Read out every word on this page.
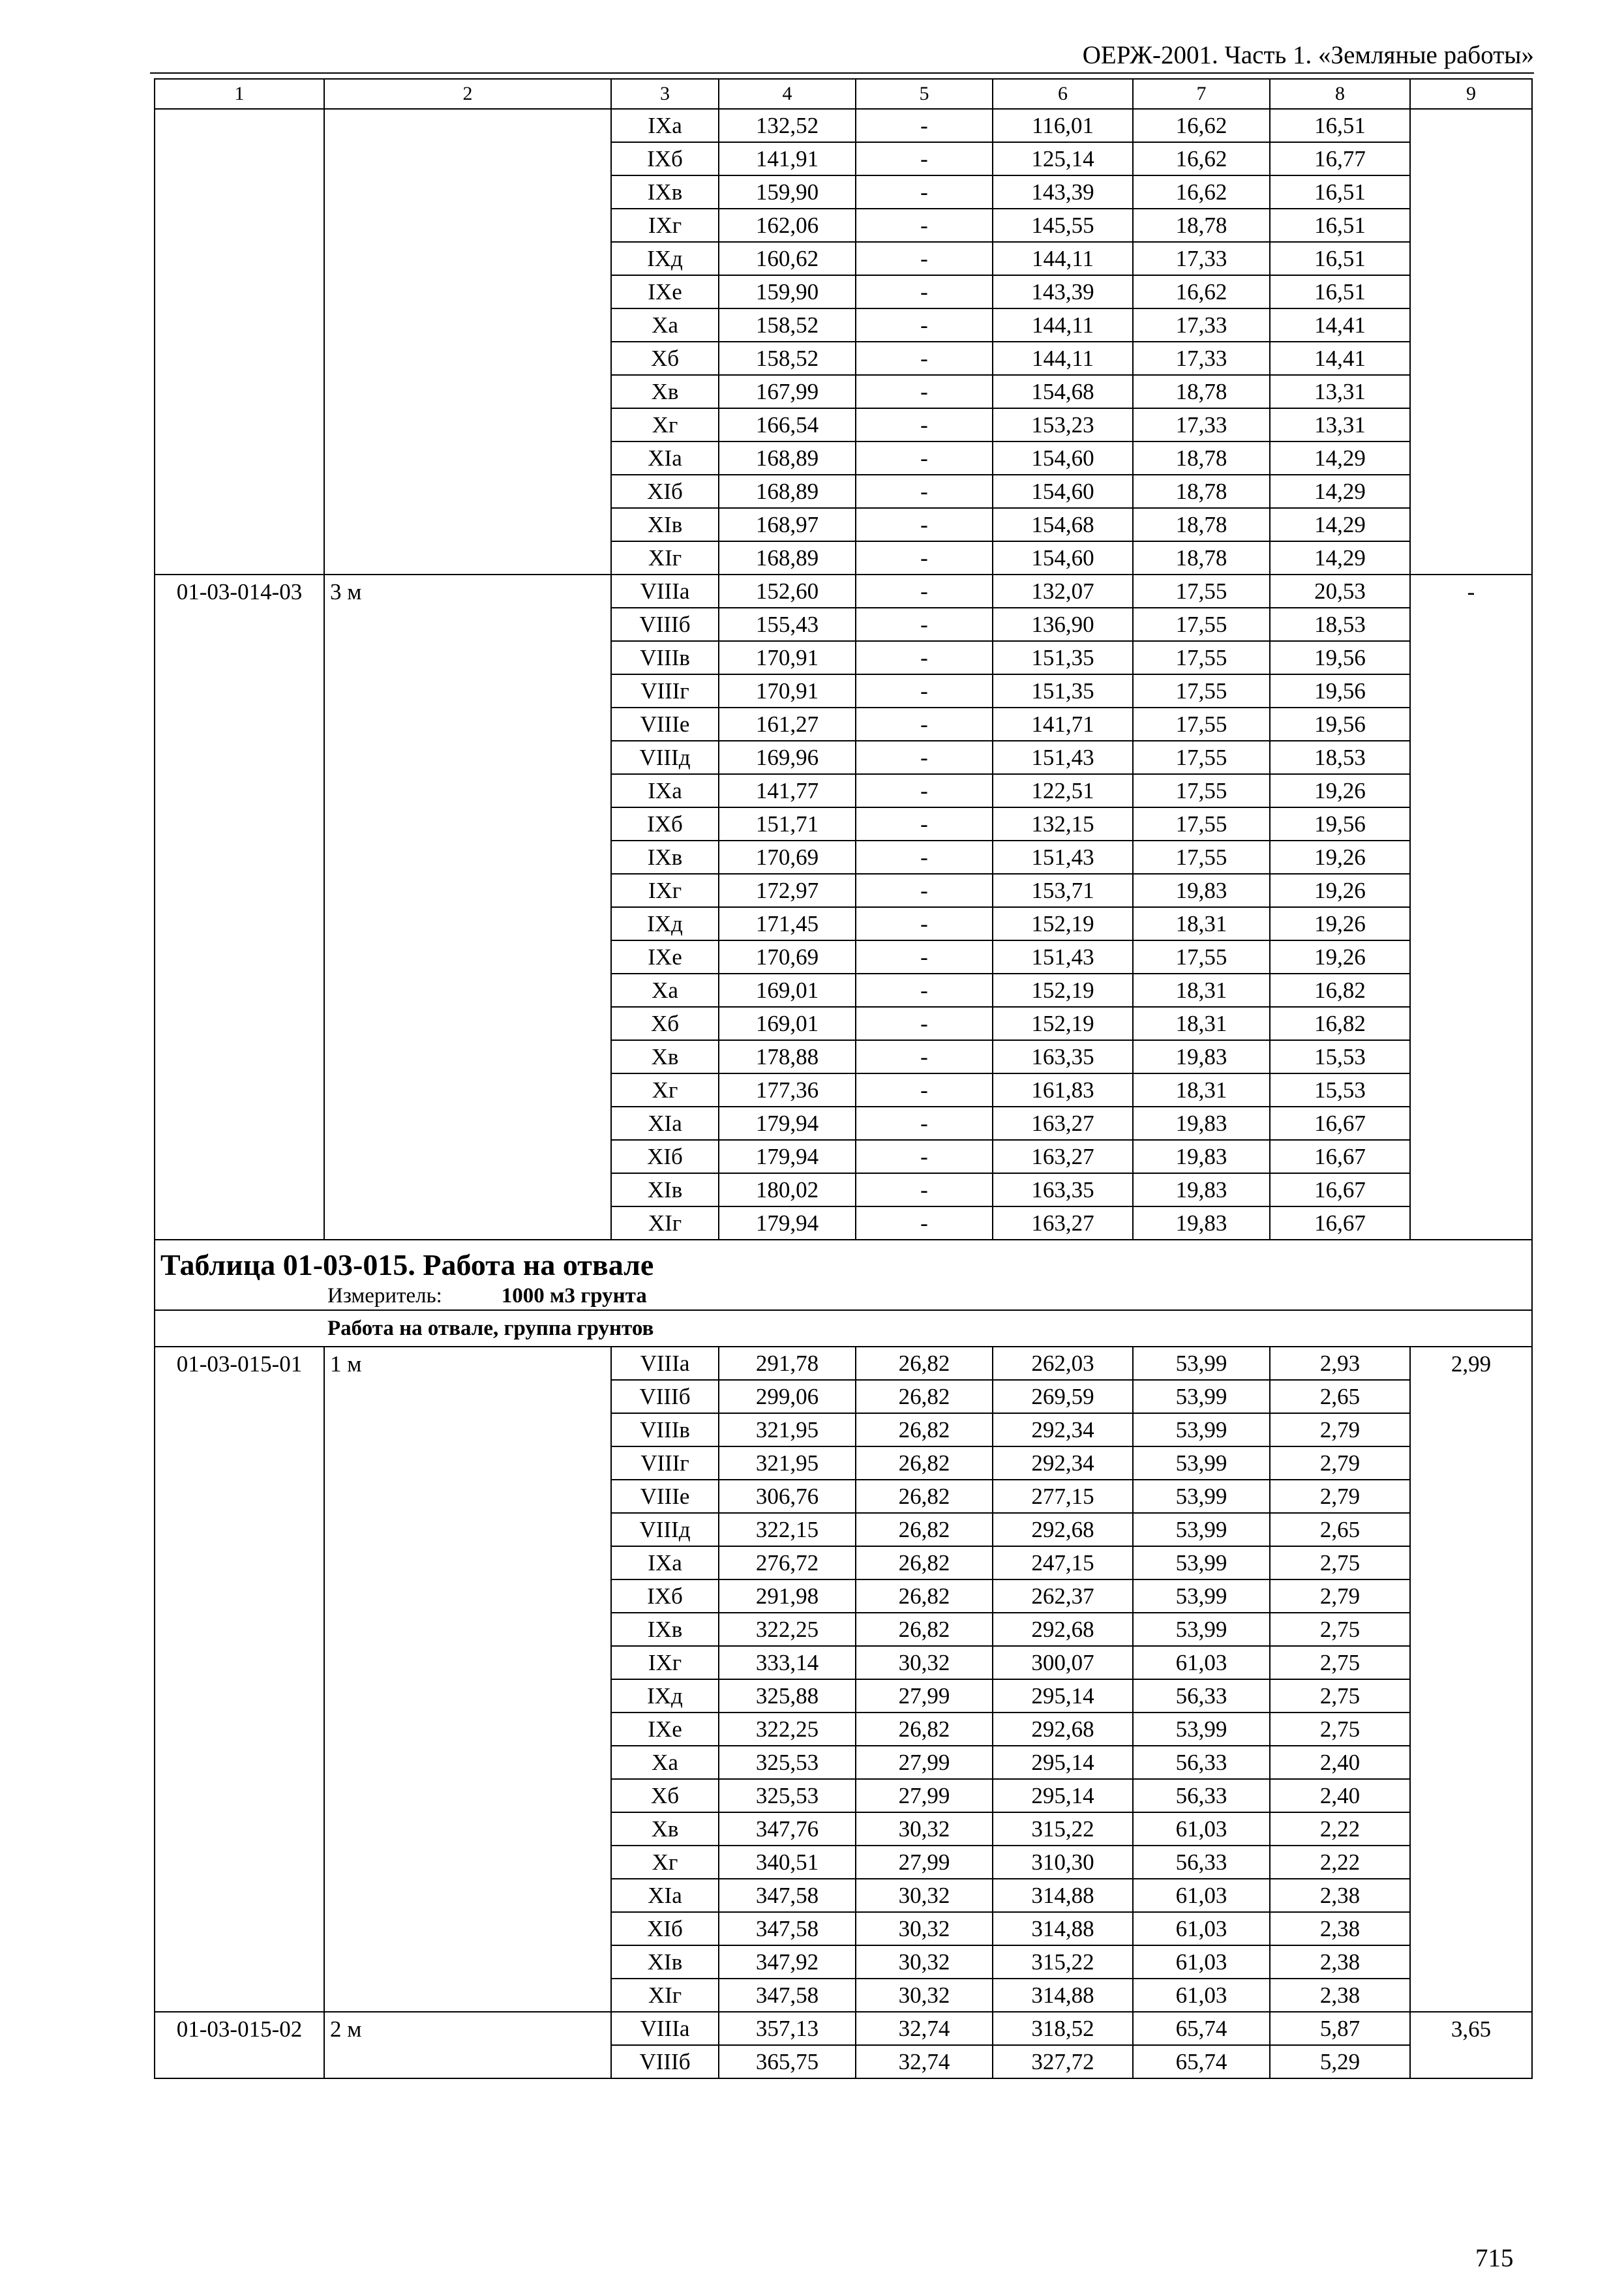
ОЕРЖ-2001. Часть 1. «Земляные работы»
1	2	3	4	5	6	7	8	9
		IXа	132,52	-	116,01	16,62	16,51	
		IXб	141,91	-	125,14	16,62	16,77	
		IXв	159,90	-	143,39	16,62	16,51	
		IXг	162,06	-	145,55	18,78	16,51	
		IXд	160,62	-	144,11	17,33	16,51	
		IXе	159,90	-	143,39	16,62	16,51	
		Xа	158,52	-	144,11	17,33	14,41	
		Xб	158,52	-	144,11	17,33	14,41	
		Xв	167,99	-	154,68	18,78	13,31	
		Xг	166,54	-	153,23	17,33	13,31	
		XIа	168,89	-	154,60	18,78	14,29	
		XIб	168,89	-	154,60	18,78	14,29	
		XIв	168,97	-	154,68	18,78	14,29	
		XIг	168,89	-	154,60	18,78	14,29	
01-03-014-03	3 м	VIIIа	152,60	-	132,07	17,55	20,53	-
		VIIIб	155,43	-	136,90	17,55	18,53	
		VIIIв	170,91	-	151,35	17,55	19,56	
		VIIIг	170,91	-	151,35	17,55	19,56	
		VIIIе	161,27	-	141,71	17,55	19,56	
		VIIIд	169,96	-	151,43	17,55	18,53	
		IXа	141,77	-	122,51	17,55	19,26	
		IXб	151,71	-	132,15	17,55	19,56	
		IXв	170,69	-	151,43	17,55	19,26	
		IXг	172,97	-	153,71	19,83	19,26	
		IXд	171,45	-	152,19	18,31	19,26	
		IXе	170,69	-	151,43	17,55	19,26	
		Xа	169,01	-	152,19	18,31	16,82	
		Xб	169,01	-	152,19	18,31	16,82	
		Xв	178,88	-	163,35	19,83	15,53	
		Xг	177,36	-	161,83	18,31	15,53	
		XIа	179,94	-	163,27	19,83	16,67	
		XIб	179,94	-	163,27	19,83	16,67	
		XIв	180,02	-	163,35	19,83	16,67	
		XIг	179,94	-	163,27	19,83	16,67	
Таблица 01-03-015. Работа на отвале								
Измеритель: 1000 м3 грунта								
Работа на отвале, группа грунтов								
01-03-015-01	1 м	VIIIа	291,78	26,82	262,03	53,99	2,93	2,99
		VIIIб	299,06	26,82	269,59	53,99	2,65	
		VIIIв	321,95	26,82	292,34	53,99	2,79	
		VIIIг	321,95	26,82	292,34	53,99	2,79	
		VIIIе	306,76	26,82	277,15	53,99	2,79	
		VIIIд	322,15	26,82	292,68	53,99	2,65	
		IXа	276,72	26,82	247,15	53,99	2,75	
		IXб	291,98	26,82	262,37	53,99	2,79	
		IXв	322,25	26,82	292,68	53,99	2,75	
		IXг	333,14	30,32	300,07	61,03	2,75	
		IXд	325,88	27,99	295,14	56,33	2,75	
		IXе	322,25	26,82	292,68	53,99	2,75	
		Xа	325,53	27,99	295,14	56,33	2,40	
		Xб	325,53	27,99	295,14	56,33	2,40	
		Xв	347,76	30,32	315,22	61,03	2,22	
		Xг	340,51	27,99	310,30	56,33	2,22	
		XIа	347,58	30,32	314,88	61,03	2,38	
		XIб	347,58	30,32	314,88	61,03	2,38	
		XIв	347,92	30,32	315,22	61,03	2,38	
		XIг	347,58	30,32	314,88	61,03	2,38	
01-03-015-02	2 м	VIIIа	357,13	32,74	318,52	65,74	5,87	3,65
		VIIIб	365,75	32,74	327,72	65,74	5,29	
715
